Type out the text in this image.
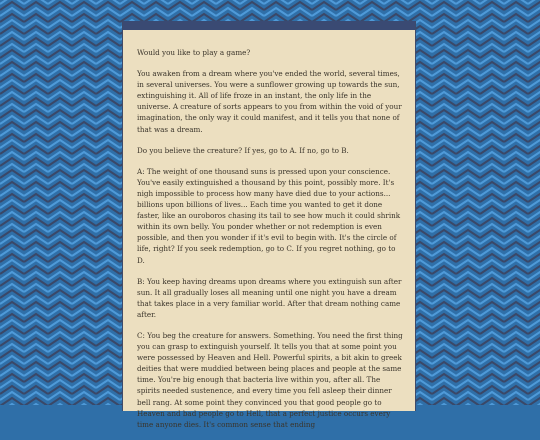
Would you like to play a game?

You awaken from a dream where you've ended the world, several times, in several universes. You were a sunflower growing up towards the sun, extinguishing it. All of life froze in an instant, the only life in the universe. A creature of sorts appears to you from within the void of your imagination, the only way it could manifest, and it tells you that none of that was a dream.

Do you believe the creature? If yes, go to A. If no, go to B.

A: The weight of one thousand suns is pressed upon your conscience. You've easily extinguished a thousand by this point, possibly more. It's nigh impossible to process how many have died due to your actions... billions upon billions of lives... Each time you wanted to get it done faster, like an ouroboros chasing its tail to see how much it could shrink within its own belly. You ponder whether or not redemption is even possible, and then you wonder if it's evil to begin with. It's the circle of life, right? If you seek redemption, go to C. If you regret nothing, go to D.

B: You keep having dreams upon dreams where you extinguish sun after sun. It all gradually loses all meaning until one night you have a dream that takes place in a very familiar world. After that dream nothing came after.

C: You beg the creature for answers. Something. You need the first thing you can grasp to extinguish yourself. It tells you that at some point you were possessed by Heaven and Hell. Powerful spirits, a bit akin to greek deities that were muddied between being places and people at the same time. You're big enough that bacteria live within you, after all. The spirits needed sustenence, and every time you fell asleep their dinner bell rang. At some point they convinced you that good people go to Heaven and bad people go to Hell, that a perfect justice occurs every time anyone dies. It's common sense that ending
